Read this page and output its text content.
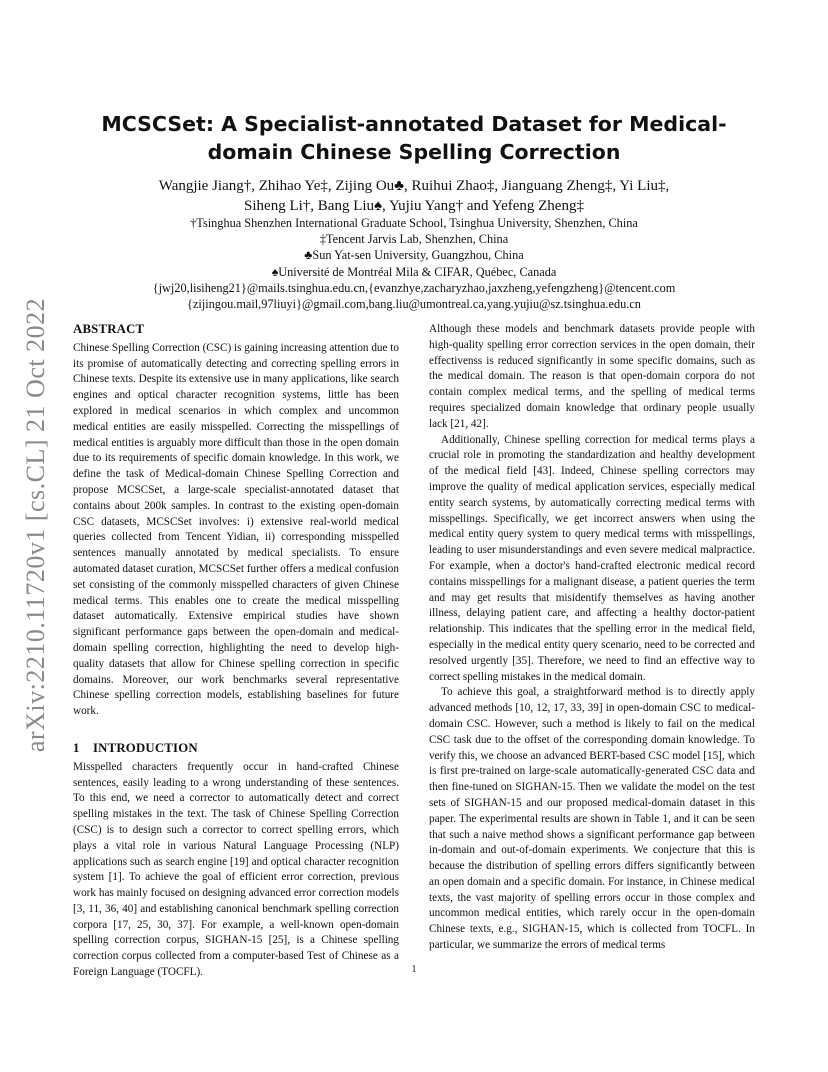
arXiv:2210.11720v1 [cs.CL] 21 Oct 2022
MCSCSet: A Specialist-annotated Dataset for Medical-domain Chinese Spelling Correction
Wangjie Jiang†, Zhihao Ye‡, Zijing Ou♣, Ruihui Zhao‡, Jianguang Zheng‡, Yi Liu‡,
Siheng Li†, Bang Liu♠, Yujiu Yang† and Yefeng Zheng‡
†Tsinghua Shenzhen International Graduate School, Tsinghua University, Shenzhen, China
‡Tencent Jarvis Lab, Shenzhen, China
♣Sun Yat-sen University, Guangzhou, China
♠Université de Montréal Mila & CIFAR, Québec, Canada
{jwj20,lisiheng21}@mails.tsinghua.edu.cn,{evanzhye,zacharyzhao,jaxzheng,yefengzheng}@tencent.com
{zijingou.mail,97liuyi}@gmail.com,bang.liu@umontreal.ca,yang.yujiu@sz.tsinghua.edu.cn
ABSTRACT

Chinese Spelling Correction (CSC) is gaining increasing attention due to its promise of automatically detecting and correcting spelling errors in Chinese texts. Despite its extensive use in many applications, like search engines and optical character recognition systems, little has been explored in medical scenarios in which complex and uncommon medical entities are easily misspelled. Correcting the misspellings of medical entities is arguably more difficult than those in the open domain due to its requirements of specific domain knowledge. In this work, we define the task of Medical-domain Chinese Spelling Correction and propose MCSCSet, a large-scale specialist-annotated dataset that contains about 200k samples. In contrast to the existing open-domain CSC datasets, MCSCSet involves: i) extensive real-world medical queries collected from Tencent Yidian, ii) corresponding misspelled sentences manually annotated by medical specialists. To ensure automated dataset curation, MCSCSet further offers a medical confusion set consisting of the commonly misspelled characters of given Chinese medical terms. This enables one to create the medical misspelling dataset automatically. Extensive empirical studies have shown significant performance gaps between the open-domain and medical-domain spelling correction, highlighting the need to develop high-quality datasets that allow for Chinese spelling correction in specific domains. Moreover, our work benchmarks several representative Chinese spelling correction models, establishing baselines for future work.

1 INTRODUCTION

Misspelled characters frequently occur in hand-crafted Chinese sentences, easily leading to a wrong understanding of these sentences. To this end, we need a corrector to automatically detect and correct spelling mistakes in the text. The task of Chinese Spelling Correction (CSC) is to design such a corrector to correct spelling errors, which plays a vital role in various Natural Language Processing (NLP) applications such as search engine [19] and optical character recognition system [1]. To achieve the goal of efficient error correction, previous work has mainly focused on designing advanced error correction models [3, 11, 36, 40] and establishing canonical benchmark spelling correction corpora [17, 25, 30, 37]. For example, a well-known open-domain spelling correction corpus, SIGHAN-15 [25], is a Chinese spelling correction corpus collected from a computer-based Test of Chinese as a Foreign Language (TOCFL).

Although these models and benchmark datasets provide people with high-quality spelling error correction services in the open domain, their effectivenss is reduced significantly in some specific domains, such as the medical domain. The reason is that open-domain corpora do not contain complex medical terms, and the spelling of medical terms requires specialized domain knowledge that ordinary people usually lack [21, 42].

Additionally, Chinese spelling correction for medical terms plays a crucial role in promoting the standardization and healthy development of the medical field [43]. Indeed, Chinese spelling correctors may improve the quality of medical application services, especially medical entity search systems, by automatically correcting medical terms with misspellings. Specifically, we get incorrect answers when using the medical entity query system to query medical terms with misspellings, leading to user misunderstandings and even severe medical malpractice. For example, when a doctor's hand-crafted electronic medical record contains misspellings for a malignant disease, a patient queries the term and may get results that misidentify themselves as having another illness, delaying patient care, and affecting a healthy doctor-patient relationship. This indicates that the spelling error in the medical field, especially in the medical entity query scenario, need to be corrected and resolved urgently [35]. Therefore, we need to find an effective way to correct spelling mistakes in the medical domain.

To achieve this goal, a straightforward method is to directly apply advanced methods [10, 12, 17, 33, 39] in open-domain CSC to medical-domain CSC. However, such a method is likely to fail on the medical CSC task due to the offset of the corresponding domain knowledge. To verify this, we choose an advanced BERT-based CSC model [15], which is first pre-trained on large-scale automatically-generated CSC data and then fine-tuned on SIGHAN-15. Then we validate the model on the test sets of SIGHAN-15 and our proposed medical-domain dataset in this paper. The experimental results are shown in Table 1, and it can be seen that such a naive method shows a significant performance gap between in-domain and out-of-domain experiments. We conjecture that this is because the distribution of spelling errors differs significantly between an open domain and a specific domain. For instance, in Chinese medical texts, the vast majority of spelling errors occur in those complex and uncommon medical entities, which rarely occur in the open-domain Chinese texts, e.g., SIGHAN-15, which is collected from TOCFL. In particular, we summarize the errors of medical terms

1
